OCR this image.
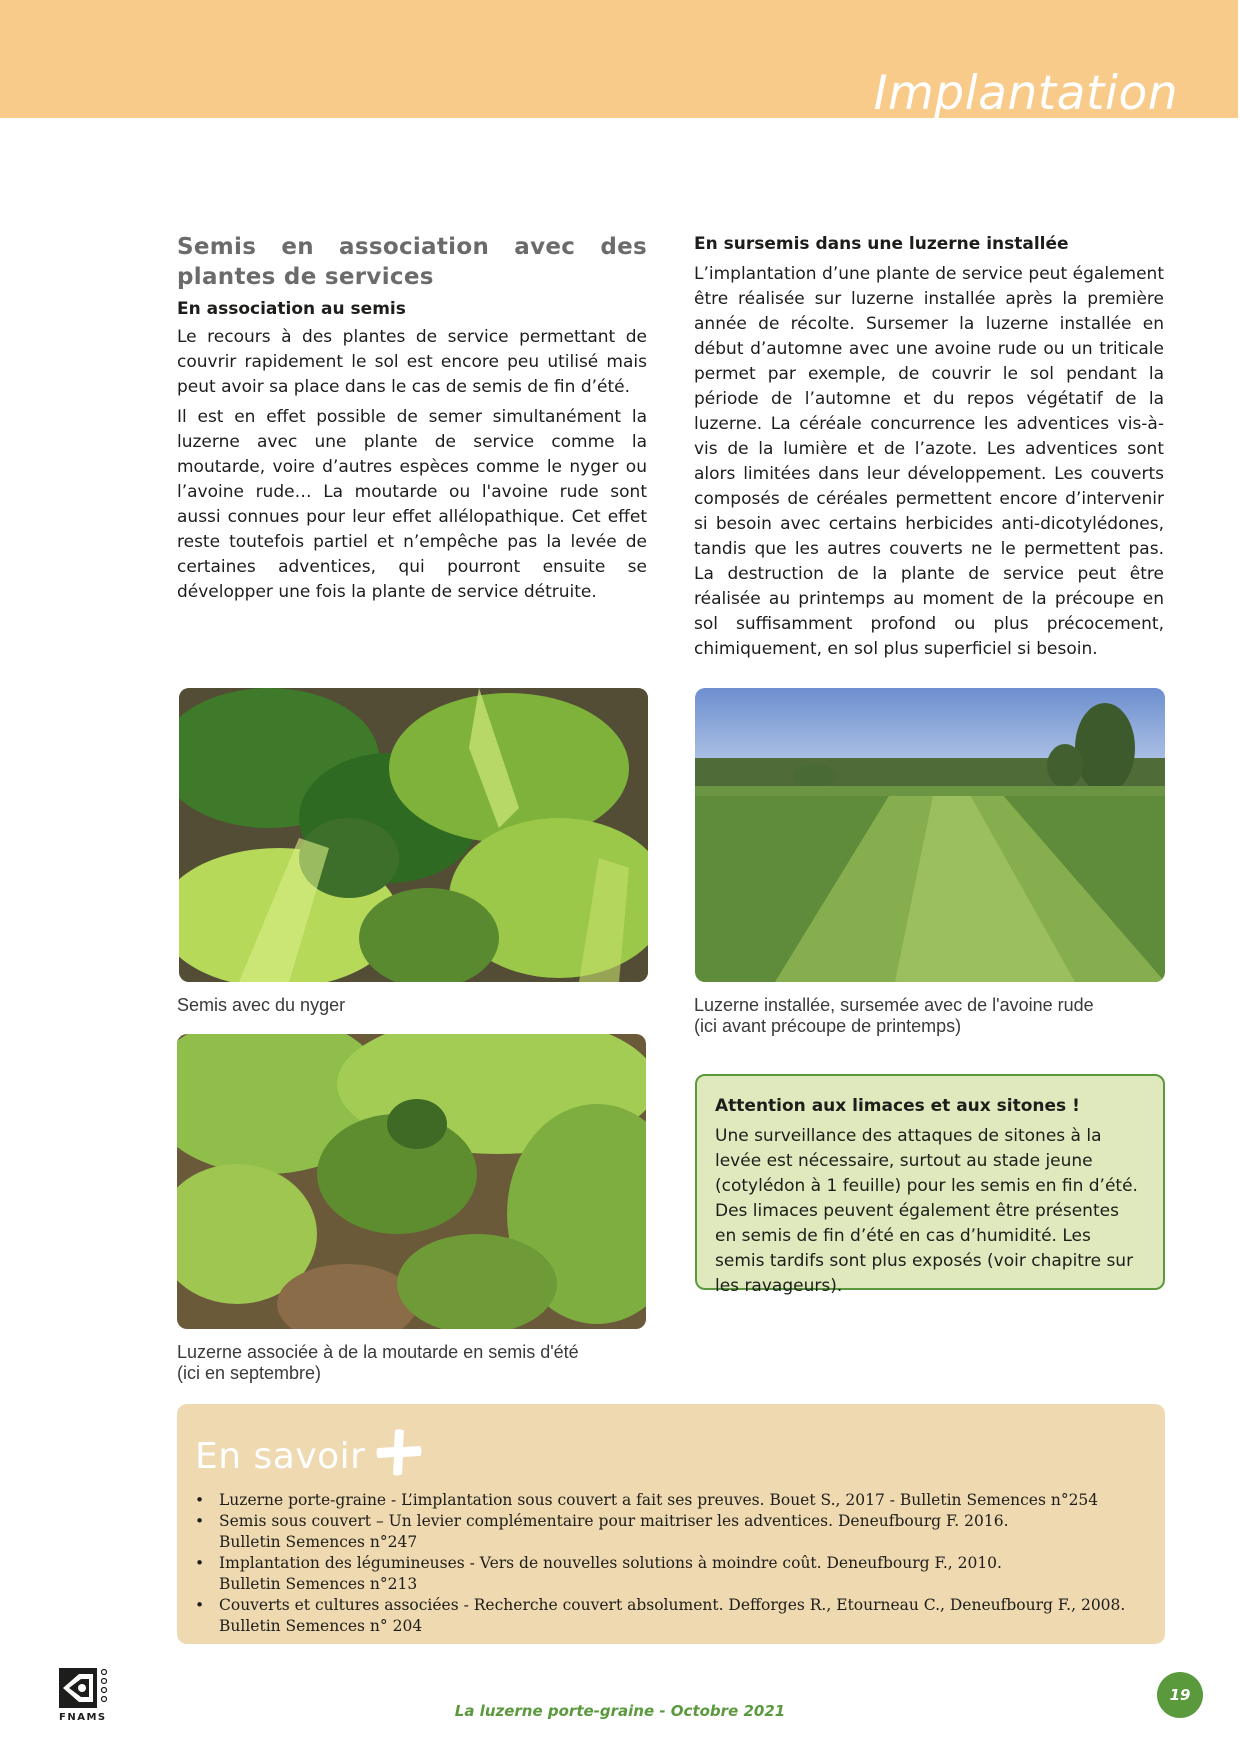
Implantation
Semis en association avec des plantes de services
En association au semis

Le recours à des plantes de service permettant de couvrir rapidement le sol est encore peu utilisé mais peut avoir sa place dans le cas de semis de fin d’été.

Il est en effet possible de semer simultanément la luzerne avec une plante de service comme la moutarde, voire d’autres espèces comme le nyger ou l’avoine rude… La moutarde ou l'avoine rude sont aussi connues pour leur effet allélopathique. Cet effet reste toutefois partiel et n’empêche pas la levée de certaines adventices, qui pourront ensuite se développer une fois la plante de service détruite.

En sursemis dans une luzerne installée

L’implantation d’une plante de service peut également être réalisée sur luzerne installée après la première année de récolte. Sursemer la luzerne installée en début d’automne avec une avoine rude ou un triticale permet par exemple, de couvrir le sol pendant la période de l’automne et du repos végétatif de la luzerne. La céréale concurrence les adventices vis-à-vis de la lumière et de l’azote. Les adventices sont alors limitées dans leur développement. Les couverts composés de céréales permettent encore d’intervenir si besoin avec certains herbicides anti-dicotylédones, tandis que les autres couverts ne le permettent pas. La destruction de la plante de service peut être réalisée au printemps au moment de la précoupe en sol suffisamment profond ou plus précocement, chimiquement, en sol plus superficiel si besoin.

Semis avec du nyger	Luzerne installée, sursemée avec de l'avoine rude
(ici avant précoupe de printemps)
Luzerne associée à de la moutarde en semis d'été
(ici en septembre)
Attention aux limaces et aux sitones !
Une surveillance des attaques de sitones à la levée est nécessaire, surtout au stade jeune (cotylédon à 1 feuille) pour les semis en fin d’été. Des limaces peuvent également être présentes en semis de fin d’été en cas d’humidité. Les semis tardifs sont plus exposés (voir chapitre sur les ravageurs).
En savoir
• Luzerne porte-graine - L’implantation sous couvert a fait ses preuves. Bouet S., 2017 - Bulletin Semences n°254
• Semis sous couvert – Un levier complémentaire pour maitriser les adventices. Deneufbourg F. 2016.
Bulletin Semences n°247
• Implantation des légumineuses - Vers de nouvelles solutions à moindre coût. Deneufbourg F., 2010.
Bulletin Semences n°213
• Couverts et cultures associées - Recherche couvert absolument. Defforges R., Etourneau C., Deneufbourg F., 2008.
Bulletin Semences n° 204
FNAMS	La luzerne porte-graine - Octobre 2021
19
